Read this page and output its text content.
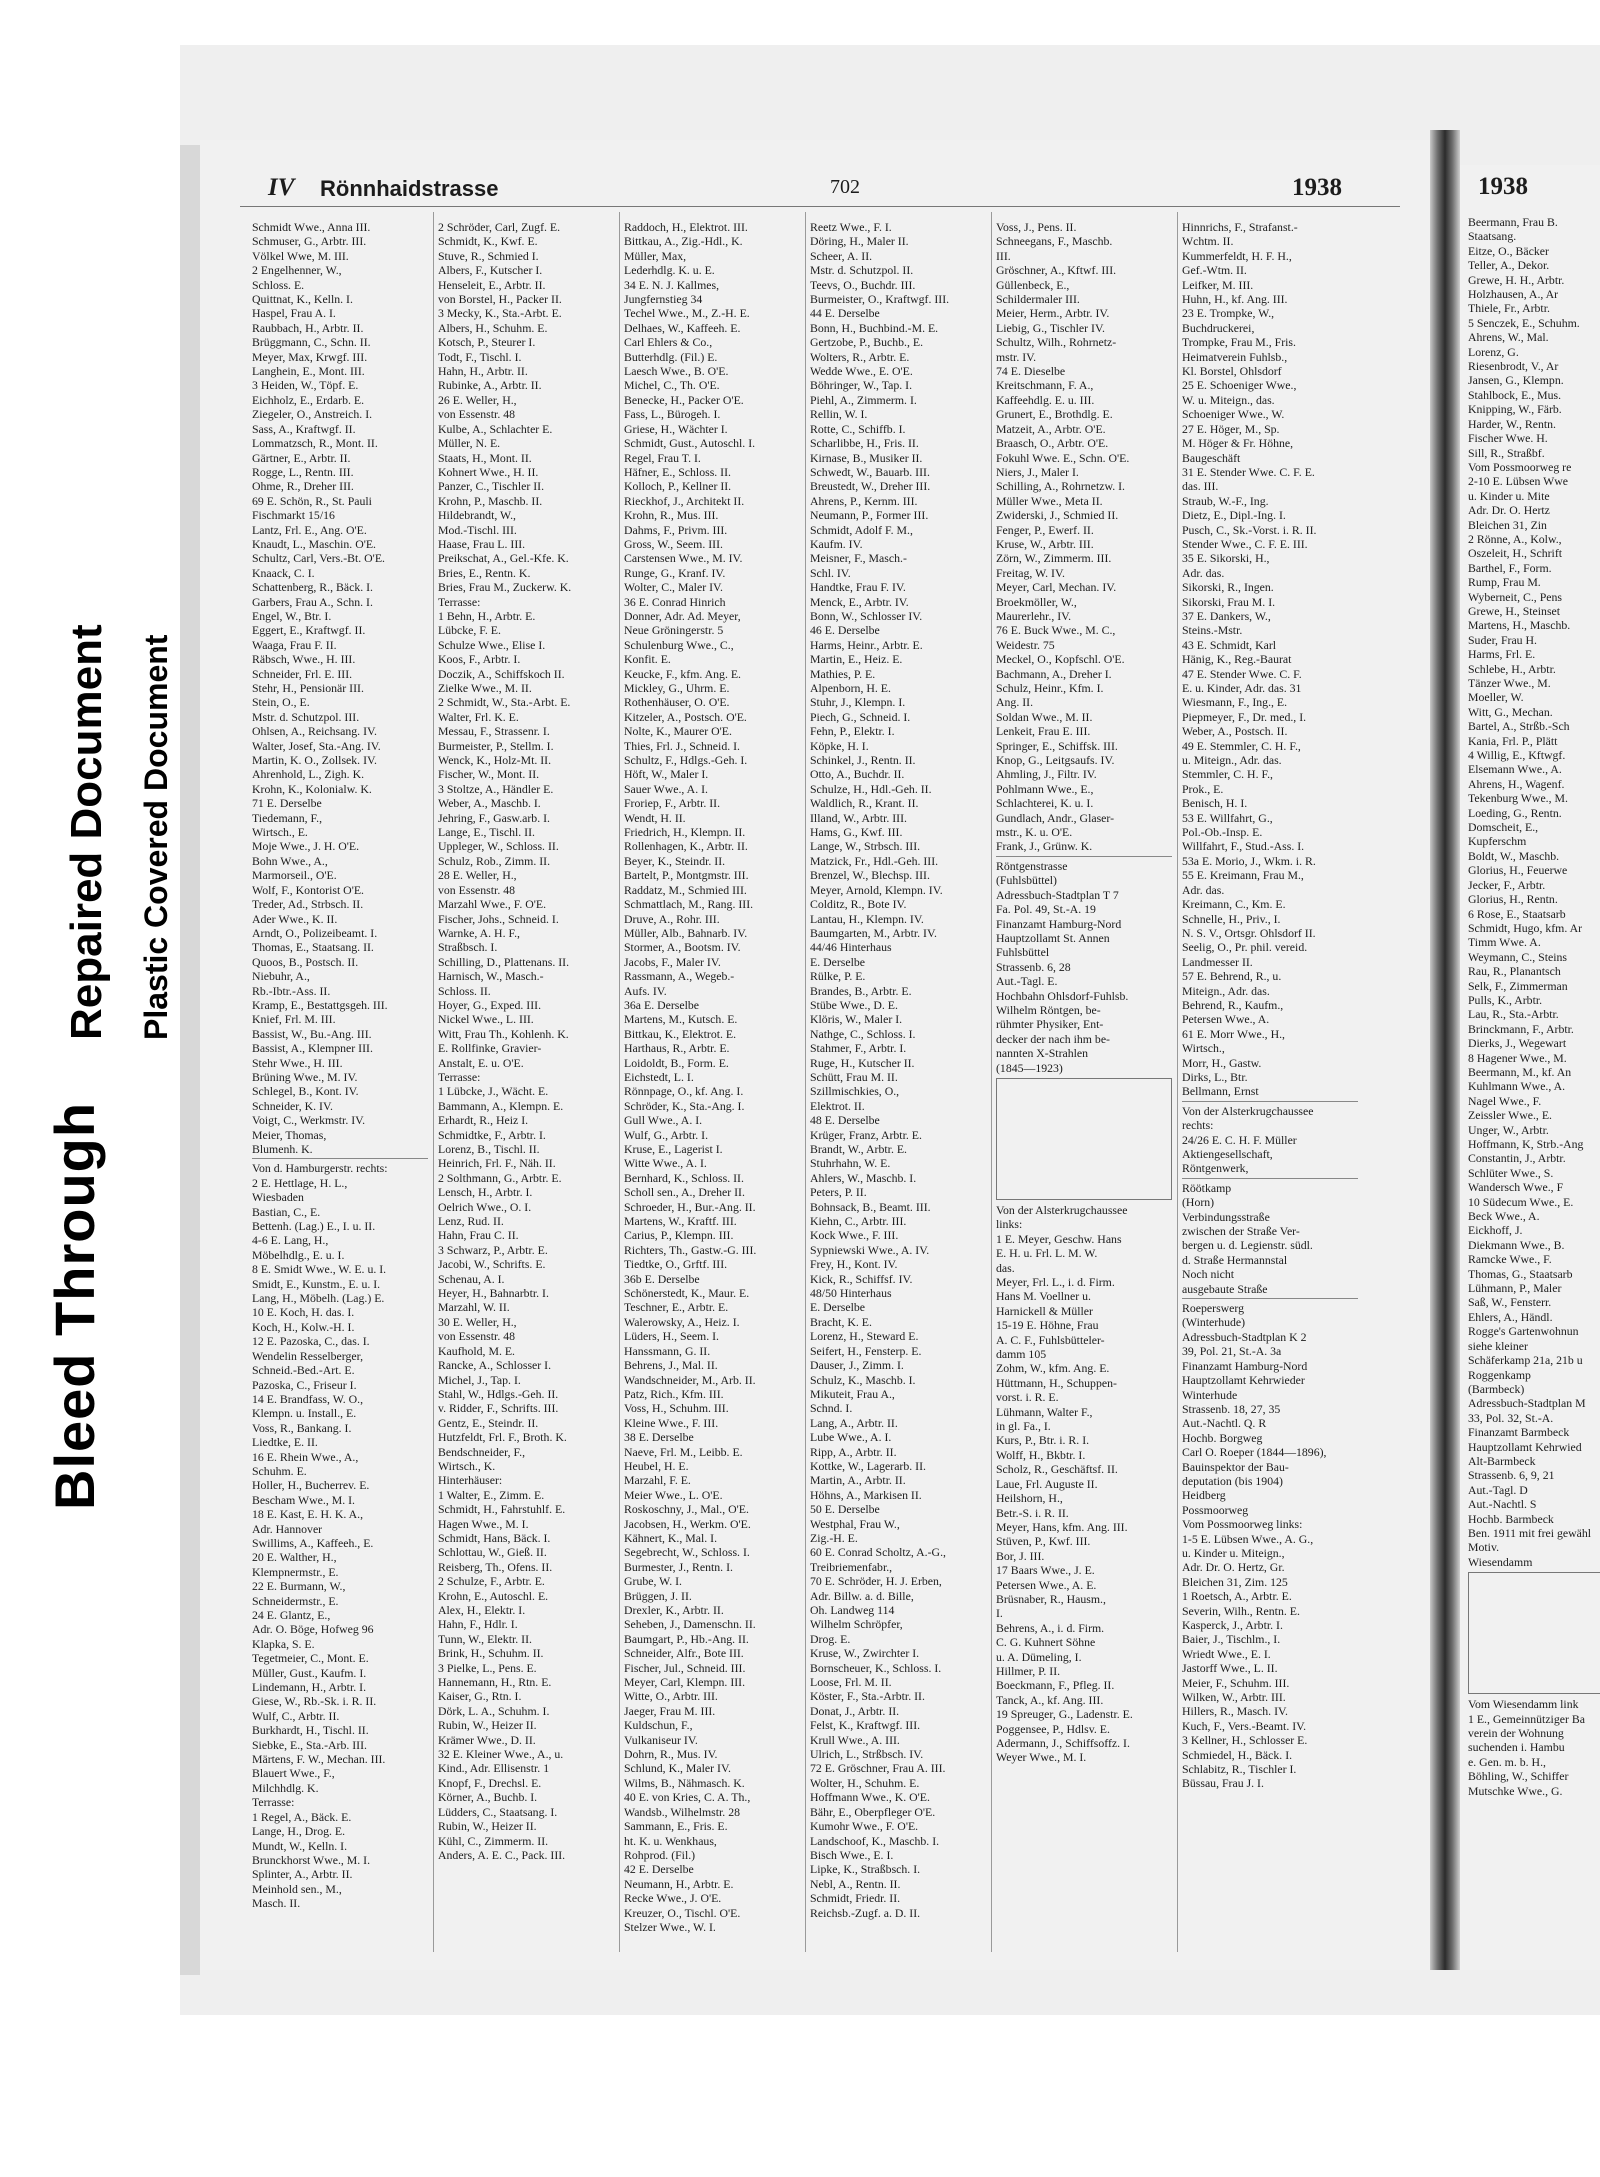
Bleed Through
Repaired Document Plastic Covered Document
IV Rönnhaidstrasse	702	1938
Schmidt Wwe., Anna III.
Schmuser, G., Arbtr. III.
Völkel Wwe, M. III.
2 Engelhenner, W.,
Schloss. E.
Quittnat, K., Kelln. I.
Haspel, Frau A. I.
Raubbach, H., Arbtr. II.
Brüggmann, C., Schn. II.
Meyer, Max, Krwgf. III.
Langhein, E., Mont. III.
3 Heiden, W., Töpf. E.
Eichholz, E., Erdarb. E.
Ziegeler, O., Anstreich. I.
Sass, A., Kraftwgf. II.
Lommatzsch, R., Mont. II.
Gärtner, E., Arbtr. II.
Rogge, L., Rentn. III.
Ohme, R., Dreher III.
69 E. Schön, R., St. Pauli
Fischmarkt 15/16
Lantz, Frl. E., Ang. O'E.
Knaudt, L., Maschin. O'E.
Schultz, Carl, Vers.-Bt. O'E.
Knaack, C. I.
Schattenberg, R., Bäck. I.
Garbers, Frau A., Schn. I.
Engel, W., Btr. I.
Eggert, E., Kraftwgf. II.
Waaga, Frau F. II.
Räbsch, Wwe., H. III.
Schneider, Frl. E. III.
Stehr, H., Pensionär III.
Stein, O., E.
Mstr. d. Schutzpol. III.
Ohlsen, A., Reichsang. IV.
Walter, Josef, Sta.-Ang. IV.
Martin, K. O., Zollsek. IV.
Ahrenhold, L., Zigh. K.
Krohn, K., Kolonialw. K.
71 E. Derselbe
Tiedemann, F.,
Wirtsch., E.
Moje Wwe., J. H. O'E.
Bohn Wwe., A.,
Marmorseil., O'E.
Wolf, F., Kontorist O'E.
Treder, Ad., Strbsch. II.
Ader Wwe., K. II.
Arndt, O., Polizeibeamt. I.
Thomas, E., Staatsang. II.
Quoos, B., Postsch. II.
Niebuhr, A.,
Rb.-Ibtr.-Ass. II.
Kramp, E., Bestattgsgeh. III.
Knief, Frl. M. III.
Bassist, W., Bu.-Ang. III.
Bassist, A., Klempner III.
Stehr Wwe., H. III.
Brüning Wwe., M. IV.
Schlegel, B., Kont. IV.
Schneider, K. IV.
Voigt, C., Werkmstr. IV.
Meier, Thomas,
Blumenh. K.
Von d. Hamburgerstr. rechts:
2 E. Hettlage, H. L.,
Wiesbaden
Bastian, C., E.
Bettenh. (Lag.) E., I. u. II.
4-6 E. Lang, H.,
Möbelhdlg., E. u. I.
8 E. Smidt Wwe., W. E. u. I.
Smidt, E., Kunstm., E. u. I.
Lang, H., Möbelh. (Lag.) E.
10 E. Koch, H. das. I.
Koch, H., Kolw.-H. I.
12 E. Pazoska, C., das. I.
Wendelin Resselberger,
Schneid.-Bed.-Art. E.
Pazoska, C., Friseur I.
14 E. Brandfass, W. O.,
Klempn. u. Install., E.
Voss, R., Bankang. I.
Liedtke, E. II.
16 E. Rhein Wwe., A.,
Schuhm. E.
Holler, H., Bucherrev. E.
Bescham Wwe., M. I.
18 E. Kast, E. H. K. A.,
Adr. Hannover
Swillims, A., Kaffeeh., E.
20 E. Walther, H.,
Klempnermstr., E.
22 E. Burmann, W.,
Schneidermstr., E.
24 E. Glantz, E.,
Adr. O. Böge, Hofweg 96
Klapka, S. E.
Tegetmeier, C., Mont. E.
Müller, Gust., Kaufm. I.
Lindemann, H., Arbtr. I.
Giese, W., Rb.-Sk. i. R. II.
Wulf, C., Arbtr. II.
Burkhardt, H., Tischl. II.
Siebke, E., Sta.-Arb. III.
Märtens, F. W., Mechan. III.
Blauert Wwe., F.,
Milchhdlg. K.
Terrasse:
1 Regel, A., Bäck. E.
Lange, H., Drog. E.
Mundt, W., Kelln. I.
Brunckhorst Wwe., M. I.
Splinter, A., Arbtr. II.
Meinhold sen., M.,
Masch. II.
2 Schröder, Carl, Zugf. E.
Schmidt, K., Kwf. E.
Stuve, R., Schmied I.
Albers, F., Kutscher I.
Henseleit, E., Arbtr. II.
von Borstel, H., Packer II.
3 Mecky, K., Sta.-Arbt. E.
Albers, H., Schuhm. E.
Kotsch, P., Steurer I.
Todt, F., Tischl. I.
Hahn, H., Arbtr. II.
Rubinke, A., Arbtr. II.
26 E. Weller, H.,
von Essenstr. 48
Kulbe, A., Schlachter E.
Müller, N. E.
Staats, H., Mont. II.
Kohnert Wwe., H. II.
Panzer, C., Tischler II.
Krohn, P., Maschb. II.
Hildebrandt, W.,
Mod.-Tischl. III.
Haase, Frau L. III.
Preikschat, A., Gel.-Kfe. K.
Bries, E., Rentn. K.
Bries, Frau M., Zuckerw. K.
Terrasse:
1 Behn, H., Arbtr. E.
Lübcke, F. E.
Schulze Wwe., Elise I.
Koos, F., Arbtr. I.
Doczik, A., Schiffskoch II.
Zielke Wwe., M. II.
2 Schmidt, W., Sta.-Arbt. E.
Walter, Frl. K. E.
Messau, F., Strassenr. I.
Burmeister, P., Stellm. I.
Wenck, K., Holz-Mt. II.
Fischer, W., Mont. II.
3 Stoltze, A., Händler E.
Weber, A., Maschb. I.
Jehring, F., Gasw.arb. I.
Lange, E., Tischl. II.
Uppleger, W., Schloss. II.
Schulz, Rob., Zimm. II.
28 E. Weller, H.,
von Essenstr. 48
Marzahl Wwe., F. O'E.
Fischer, Johs., Schneid. I.
Warnke, A. H. F.,
Straßbsch. I.
Schilling, D., Plattenans. II.
Harnisch, W., Masch.-
Schloss. II.
Hoyer, G., Exped. III.
Nickel Wwe., L. III.
Witt, Frau Th., Kohlenh. K.
E. Rollfinke, Gravier-
Anstalt, E. u. O'E.
Terrasse:
1 Lübcke, J., Wächt. E.
Bammann, A., Klempn. E.
Erhardt, R., Heiz I.
Schmidtke, F., Arbtr. I.
Lorenz, B., Tischl. II.
Heinrich, Frl. F., Näh. II.
2 Solthmann, G., Arbtr. E.
Lensch, H., Arbtr. I.
Oelrich Wwe., O. I.
Lenz, Rud. II.
Hahn, Frau C. II.
3 Schwarz, P., Arbtr. E.
Jacobi, W., Schrifts. E.
Schenau, A. I.
Heyer, H., Bahnarbtr. I.
Marzahl, W. II.
30 E. Weller, H.,
von Essenstr. 48
Kaufhold, M. E.
Rancke, A., Schlosser I.
Michel, J., Tap. I.
Stahl, W., Hdlgs.-Geh. II.
v. Ridder, F., Schrifts. III.
Gentz, E., Steindr. II.
Hutzfeldt, Frl. F., Broth. K.
Bendschneider, F.,
Wirtsch., K.
Hinterhäuser:
1 Walter, E., Zimm. E.
Schmidt, H., Fahrstuhlf. E.
Hagen Wwe., M. I.
Schmidt, Hans, Bäck. I.
Schlottau, W., Gieß. II.
Reisberg, Th., Ofens. II.
2 Schulze, F., Arbtr. E.
Krohn, E., Autoschl. E.
Alex, H., Elektr. I.
Hahn, F., Hdlr. I.
Tunn, W., Elektr. II.
Brink, H., Schuhm. II.
3 Pielke, L., Pens. E.
Hannemann, H., Rtn. E.
Kaiser, G., Rtn. I.
Dörk, L. A., Schuhm. I.
Rubin, W., Heizer II.
Krämer Wwe., D. II.
32 E. Kleiner Wwe., A., u.
Kind., Adr. Ellisenstr. 1
Knopf, F., Drechsl. E.
Körner, A., Buchb. I.
Lüdders, C., Staatsang. I.
Rubin, W., Heizer II.
Kühl, C., Zimmerm. II.
Anders, A. E. C., Pack. III.
Raddoch, H., Elektrot. III.
Bittkau, A., Zig.-Hdl., K.
Müller, Max,
Lederhdlg. K. u. E.
34 E. N. J. Kallmes,
Jungfernstieg 34
Techel Wwe., M., Z.-H. E.
Delhaes, W., Kaffeeh. E.
Carl Ehlers & Co.,
Butterhdlg. (Fil.) E.
Laesch Wwe., B. O'E.
Michel, C., Th. O'E.
Benecke, H., Packer O'E.
Fass, L., Bürogeh. I.
Griese, H., Wächter I.
Schmidt, Gust., Autoschl. I.
Regel, Frau T. I.
Häfner, E., Schloss. II.
Kolloch, P., Kellner II.
Rieckhof, J., Architekt II.
Krohn, R., Mus. III.
Dahms, F., Privm. III.
Gross, W., Seem. III.
Carstensen Wwe., M. IV.
Runge, G., Kranf. IV.
Wolter, C., Maler IV.
36 E. Conrad Hinrich
Donner, Adr. Ad. Meyer,
Neue Gröningerstr. 5
Schulenburg Wwe., C.,
Konfit. E.
Keucke, F., kfm. Ang. E.
Mickley, G., Uhrm. E.
Rothenhäuser, O. O'E.
Kitzeler, A., Postsch. O'E.
Nolte, K., Maurer O'E.
Thies, Frl. J., Schneid. I.
Schultz, F., Hdlgs.-Geh. I.
Höft, W., Maler I.
Sauer Wwe., A. I.
Froriep, F., Arbtr. II.
Wendt, H. II.
Friedrich, H., Klempn. II.
Rollenhagen, K., Arbtr. II.
Beyer, K., Steindr. II.
Bartelt, P., Montgmstr. III.
Raddatz, M., Schmied III.
Schmattlach, M., Rang. III.
Druve, A., Rohr. III.
Müller, Alb., Bahnarb. IV.
Stormer, A., Bootsm. IV.
Jacobs, F., Maler IV.
Rassmann, A., Wegeb.-
Aufs. IV.
36a E. Derselbe
Martens, M., Kutsch. E.
Bittkau, K., Elektrot. E.
Harthaus, R., Arbtr. E.
Loidoldt, B., Form. E.
Eichstedt, L. I.
Rönnpage, O., kf. Ang. I.
Schröder, K., Sta.-Ang. I.
Gull Wwe., A. I.
Wulf, G., Arbtr. I.
Kruse, E., Lagerist I.
Witte Wwe., A. I.
Bernhard, K., Schloss. II.
Scholl sen., A., Dreher II.
Schroeder, H., Bur.-Ang. II.
Martens, W., Kraftf. III.
Carius, P., Klempn. III.
Richters, Th., Gastw.-G. III.
Tiedtke, O., Grftf. III.
36b E. Derselbe
Schönerstedt, K., Maur. E.
Teschner, E., Arbtr. E.
Walerowsky, A., Heiz. I.
Lüders, H., Seem. I.
Hanssmann, G. II.
Behrens, J., Mal. II.
Wandschneider, M., Arb. II.
Patz, Rich., Kfm. III.
Voss, H., Schuhm. III.
Kleine Wwe., F. III.
38 E. Derselbe
Naeve, Frl. M., Leibb. E.
Heubel, H. E.
Marzahl, F. E.
Meier Wwe., L. O'E.
Roskoschny, J., Mal., O'E.
Jacobsen, H., Werkm. O'E.
Kähnert, K., Mal. I.
Segebrecht, W., Schloss. I.
Burmester, J., Rentn. I.
Grube, W. I.
Brüggen, J. II.
Drexler, K., Arbtr. II.
Seheben, J., Damenschn. II.
Baumgart, P., Hb.-Ang. II.
Schneider, Alfr., Bote III.
Fischer, Jul., Schneid. III.
Meyer, Carl, Klempn. III.
Witte, O., Arbtr. III.
Jaeger, Frau M. III.
Kuldschun, F.,
Vulkaniseur IV.
Dohrn, R., Mus. IV.
Schlund, K., Maler IV.
Wilms, B., Nähmasch. K.
40 E. von Kries, C. A. Th.,
Wandsb., Wilhelmstr. 28
Sammann, E., Fris. E.
ht. K. u. Wenkhaus,
Rohprod. (Fil.)
42 E. Derselbe
Neumann, H., Arbtr. E.
Recke Wwe., J. O'E.
Kreuzer, O., Tischl. O'E.
Stelzer Wwe., W. I.
Reetz Wwe., F. I.
Döring, H., Maler II.
Scheer, A. II.
Mstr. d. Schutzpol. II.
Teevs, O., Buchdr. III.
Burmeister, O., Kraftwgf. III.
44 E. Derselbe
Bonn, H., Buchbind.-M. E.
Gertzobe, P., Buchb., E.
Wolters, R., Arbtr. E.
Wedde Wwe., E. O'E.
Böhringer, W., Tap. I.
Piehl, A., Zimmerm. I.
Rellin, W. I.
Rotte, C., Schiffb. I.
Scharlibbe, H., Fris. II.
Kirnase, B., Musiker II.
Schwedt, W., Bauarb. III.
Breustedt, W., Dreher III.
Ahrens, P., Kernm. III.
Neumann, P., Former III.
Schmidt, Adolf F. M.,
Kaufm. IV.
Meisner, F., Masch.-
Schl. IV.
Handtke, Frau F. IV.
Menck, E., Arbtr. IV.
Bonn, W., Schlosser IV.
46 E. Derselbe
Harms, Heinr., Arbtr. E.
Martin, E., Heiz. E.
Mathies, P. E.
Alpenborn, H. E.
Stuhr, J., Klempn. I.
Piech, G., Schneid. I.
Fehn, P., Elektr. I.
Köpke, H. I.
Schinkel, J., Rentn. II.
Otto, A., Buchdr. II.
Schulze, H., Hdl.-Geh. II.
Waldlich, R., Krant. II.
Illand, W., Arbtr. III.
Hams, G., Kwf. III.
Lange, W., Strbsch. III.
Matzick, Fr., Hdl.-Geh. III.
Brenzel, W., Blechsp. III.
Meyer, Arnold, Klempn. IV.
Colditz, R., Bote IV.
Lantau, H., Klempn. IV.
Baumgarten, M., Arbtr. IV.
44/46 Hinterhaus
E. Derselbe
Rülke, P. E.
Brandes, B., Arbtr. E.
Stübe Wwe., D. E.
Klöris, W., Maler I.
Nathge, C., Schloss. I.
Stahmer, F., Arbtr. I.
Ruge, H., Kutscher II.
Schütt, Frau M. II.
Szillmischkies, O.,
Elektrot. II.
48 E. Derselbe
Krüger, Franz, Arbtr. E.
Brandt, W., Arbtr. E.
Stuhrhahn, W. E.
Ahlers, W., Maschb. I.
Peters, P. II.
Bohnsack, B., Beamt. III.
Kiehn, C., Arbtr. III.
Kock Wwe., F. III.
Sypniewski Wwe., A. IV.
Frey, H., Kont. IV.
Kick, R., Schiffsf. IV.
48/50 Hinterhaus
E. Derselbe
Bracht, K. E.
Lorenz, H., Steward E.
Seifert, H., Fensterp. E.
Dauser, J., Zimm. I.
Schulz, K., Maschb. I.
Mikuteit, Frau A.,
Schnd. I.
Lang, A., Arbtr. II.
Lube Wwe., A. I.
Ripp, A., Arbtr. II.
Kottke, W., Lagerarb. II.
Martin, A., Arbtr. II.
Höhns, A., Markisen II.
50 E. Derselbe
Westphal, Frau W.,
Zig.-H. E.
60 E. Conrad Scholtz, A.-G.,
Treibriemenfabr.,
70 E. Schröder, H. J. Erben,
Adr. Billw. a. d. Bille,
Oh. Landweg 114
Wilhelm Schröpfer,
Drog. E.
Kruse, W., Zwirchter I.
Bornscheuer, K., Schloss. I.
Loose, Frl. M. II.
Köster, F., Sta.-Arbtr. II.
Donat, J., Arbtr. II.
Felst, K., Kraftwgf. III.
Krull Wwe., A. III.
Ulrich, L., Strßbsch. IV.
72 E. Gröschner, Frau A. III.
Wolter, H., Schuhm. E.
Hoffmann Wwe., K. O'E.
Bähr, E., Oberpfleger O'E.
Kumohr Wwe., F. O'E.
Landschoof, K., Maschb. I.
Bisch Wwe., E. I.
Lipke, K., Straßbsch. I.
Nebl, A., Rentn. II.
Schmidt, Friedr. II.
Reichsb.-Zugf. a. D. II.
Voss, J., Pens. II.
Schneegans, F., Maschb.
III.
Gröschner, A., Kftwf. III.
Güllenbeck, E.,
Schildermaler III.
Meier, Herm., Arbtr. IV.
Liebig, G., Tischler IV.
Schultz, Wilh., Rohrnetz-
mstr. IV.
74 E. Dieselbe
Kreitschmann, F. A.,
Kaffeehdlg. E. u. III.
Grunert, E., Brothdlg. E.
Matzeit, A., Arbtr. O'E.
Braasch, O., Arbtr. O'E.
Fokuhl Wwe. E., Schn. O'E.
Niers, J., Maler I.
Schilling, A., Rohrnetzw. I.
Müller Wwe., Meta II.
Zwiderski, J., Schmied II.
Fenger, P., Ewerf. II.
Kruse, W., Arbtr. III.
Zörn, W., Zimmerm. III.
Freitag, W. IV.
Meyer, Carl, Mechan. IV.
Broekmöller, W.,
Maurerlehr., IV.
76 E. Buck Wwe., M. C.,
Weidestr. 75
Meckel, O., Kopfschl. O'E.
Bachmann, A., Dreher I.
Schulz, Heinr., Kfm. I.
Ang. II.
Soldan Wwe., M. II.
Lenkeit, Frau E. III.
Springer, E., Schiffsk. III.
Knop, G., Leitgsaufs. IV.
Ahmling, J., Filtr. IV.
Pohlmann Wwe., E.,
Schlachterei, K. u. I.
Gundlach, Andr., Glaser-
mstr., K. u. O'E.
Frank, J., Grünw. K.
Röntgenstrasse
(Fuhlsbüttel)
Adressbuch-Stadtplan T 7
Fa. Pol. 49, St.-A. 19
Finanzamt Hamburg-Nord
Hauptzollamt St. Annen
Fuhlsbüttel
Strassenb. 6, 28
Aut.-Tagl. E.
Hochbahn Ohlsdorf-Fuhlsb.
Wilhelm Röntgen, be-
rühmter Physiker, Ent-
decker der nach ihm be-
nannten X-Strahlen
(1845—1923)
Von der Alsterkrugchaussee
links:
1 E. Meyer, Geschw. Hans
E. H. u. Frl. L. M. W.
das.
Meyer, Frl. L., i. d. Firm.
Hans M. Voellner u.
Harnickell & Müller
15-19 E. Höhne, Frau
A. C. F., Fuhlsbütteler-
damm 105
Zohm, W., kfm. Ang. E.
Hüttmann, H., Schuppen-
vorst. i. R. E.
Lühmann, Walter F.,
in gl. Fa., I.
Kurs, P., Btr. i. R. I.
Wolff, H., Bkbtr. I.
Scholz, R., Geschäftsf. II.
Laue, Frl. Auguste II.
Heilshorn, H.,
Betr.-S. i. R. II.
Meyer, Hans, kfm. Ang. III.
Stüven, P., Kwf. III.
Bor, J. III.
17 Baars Wwe., J. E.
Petersen Wwe., A. E.
Brüsnaber, R., Hausm.,
I.
Behrens, A., i. d. Firm.
C. G. Kuhnert Söhne
u. A. Dümeling, I.
Hillmer, P. II.
Boeckmann, F., Pfleg. II.
Tanck, A., kf. Ang. III.
19 Spreuger, G., Ladenstr. E.
Poggensee, P., Hdlsv. E.
Adermann, J., Schiffsoffz. I.
Weyer Wwe., M. I.
Hinnrichs, F., Strafanst.-
Wchtm. II.
Kummerfeldt, H. F. H.,
Gef.-Wtm. II.
Leifker, M. III.
Huhn, H., kf. Ang. III.
23 E. Trompke, W.,
Buchdruckerei,
Trompke, Frau M., Fris.
Heimatverein Fuhlsb.,
Kl. Borstel, Ohlsdorf
25 E. Schoeniger Wwe.,
W. u. Miteign., das.
Schoeniger Wwe., W.
27 E. Höger, M., Sp.
M. Höger & Fr. Höhne,
Baugeschäft
31 E. Stender Wwe. C. F. E.
das. III.
Straub, W.-F., Ing.
Dietz, E., Dipl.-Ing. I.
Pusch, C., Sk.-Vorst. i. R. II.
Stender Wwe., C. F. E. III.
35 E. Sikorski, H.,
Adr. das.
Sikorski, R., Ingen.
Sikorski, Frau M. I.
37 E. Dankers, W.,
Steins.-Mstr.
43 E. Schmidt, Karl
Hänig, K., Reg.-Baurat
47 E. Stender Wwe. C. F.
E. u. Kinder, Adr. das. 31
Wiesmann, F., Ing., E.
Piepmeyer, F., Dr. med., I.
Weber, A., Postsch. II.
49 E. Stemmler, C. H. F.,
u. Miteign., Adr. das.
Stemmler, C. H. F.,
Prok., E.
Benisch, H. I.
53 E. Willfahrt, G.,
Pol.-Ob.-Insp. E.
Willfahrt, F., Stud.-Ass. I.
53a E. Morio, J., Wkm. i. R.
55 E. Kreimann, Frau M.,
Adr. das.
Kreimann, C., Km. E.
Schnelle, H., Priv., I.
N. S. V., Ortsgr. Ohlsdorf II.
Seelig, O., Pr. phil. vereid.
Landmesser II.
57 E. Behrend, R., u.
Miteign., Adr. das.
Behrend, R., Kaufm.,
Petersen Wwe., A.
61 E. Morr Wwe., H.,
Wirtsch.,
Morr, H., Gastw.
Dirks, L., Btr.
Bellmann, Ernst
Von der Alsterkrugchaussee
rechts:
24/26 E. C. H. F. Müller
Aktiengesellschaft,
Röntgenwerk,
Röötkamp
(Horn)
Verbindungsstraße
zwischen der Straße Ver-
bergen u. d. Legienstr. südl.
d. Straße Hermannstal
Noch nicht
ausgebaute Straße
Roeperswerg
(Winterhude)
Adressbuch-Stadtplan K 2
39, Pol. 21, St.-A. 3a
Finanzamt Hamburg-Nord
Hauptzollamt Kehrwieder
Winterhude
Strassenb. 18, 27, 35
Aut.-Nachtl. Q. R
Hochb. Borgweg
Carl O. Roeper (1844—1896),
Bauinspektor der Bau-
deputation (bis 1904)
Heidberg
Possmoorweg
Vom Possmoorweg links:
1-5 E. Lübsen Wwe., A. G.,
u. Kinder u. Miteign.,
Adr. Dr. O. Hertz, Gr.
Bleichen 31, Zim. 125
1 Roetsch, A., Arbtr. E.
Severin, Wilh., Rentn. E.
Kasperck, J., Arbtr. I.
Baier, J., Tischlm., I.
Wriedt Wwe., E. I.
Jastorff Wwe., L. II.
Meier, F., Schuhm. III.
Wilken, W., Arbtr. III.
Hillers, R., Masch. IV.
Kuch, F., Vers.-Beamt. IV.
3 Kellner, H., Schlosser E.
Schmiedel, H., Bäck. I.
Schlabitz, R., Tischler I.
Büssau, Frau J. I.
1938
Beermann, Frau B.
Staatsang.
Eitze, O., Bäcker
Teller, A., Dekor.
Grewe, H. H., Arbtr.
Holzhausen, A., Ar
Thiele, Fr., Arbtr.
5 Senczek, E., Schuhm.
Ahrens, W., Mal.
Lorenz, G.
Riesenbrodt, V., Ar
Jansen, G., Klempn.
Stahlbock, E., Mus.
Knipping, W., Färb.
Harder, W., Rentn.
Fischer Wwe. H.
Sill, R., Straßbf.
Vom Possmoorweg re
2-10 E. Lübsen Wwe
u. Kinder u. Mite
Adr. Dr. O. Hertz
Bleichen 31, Zin
2 Rönne, A., Kolw.,
Oszeleit, H., Schrift
Barthel, F., Form.
Rump, Frau M.
Wyberneit, C., Pens
Grewe, H., Steinset
Martens, H., Maschb.
Suder, Frau H.
Harms, Frl. E.
Schlebe, H., Arbtr.
Tänzer Wwe., M.
Moeller, W.
Witt, G., Mechan.
Bartel, A., Strßb.-Sch
Kania, Frl. P., Plätt
4 Willig, E., Kftwgf.
Elsemann Wwe., A.
Ahrens, H., Wagenf.
Tekenburg Wwe., M.
Loeding, G., Rentn.
Domscheit, E.,
Kupferschm
Boldt, W., Maschb.
Glorius, H., Feuerwe
Jecker, F., Arbtr.
Glorius, H., Rentn.
6 Rose, E., Staatsarb
Schmidt, Hugo, kfm. Ar
Timm Wwe. A.
Weymann, C., Steins
Rau, R., Planantsch
Selk, F., Zimmerman
Pulls, K., Arbtr.
Lau, R., Sta.-Arbtr.
Brinckmann, F., Arbtr.
Dierks, J., Wegewart
8 Hagener Wwe., M.
Beermann, M., kf. An
Kuhlmann Wwe., A.
Nagel Wwe., F.
Zeissler Wwe., E.
Unger, W., Arbtr.
Hoffmann, K, Strb.-Ang
Constantin, J., Arbtr.
Schlüter Wwe., S.
Wandersch Wwe., F
10 Südecum Wwe., E.
Beck Wwe., A.
Eickhoff, J.
Diekmann Wwe., B.
Ramcke Wwe., F.
Thomas, G., Staatsarb
Lühmann, P., Maler
Saß, W., Fensterr.
Ehlers, A., Händl.
Rogge's Gartenwohnun
siehe kleiner
Schäferkamp 21a, 21b u
Roggenkamp
(Barmbeck)
Adressbuch-Stadtplan M
33, Pol. 32, St.-A.
Finanzamt Barmbeck
Hauptzollamt Kehrwied
Alt-Barmbeck
Strassenb. 6, 9, 21
Aut.-Tagl. D
Aut.-Nachtl. S
Hochb. Barmbeck
Ben. 1911 mit frei gewähl
Motiv.
Wiesendamm
Vom Wiesendamm link
1 E., Gemeinnütziger Ba
verein der Wohnung
suchenden i. Hambu
e. Gen. m. b. H.,
Böhling, W., Schiffer
Mutschke Wwe., G.
